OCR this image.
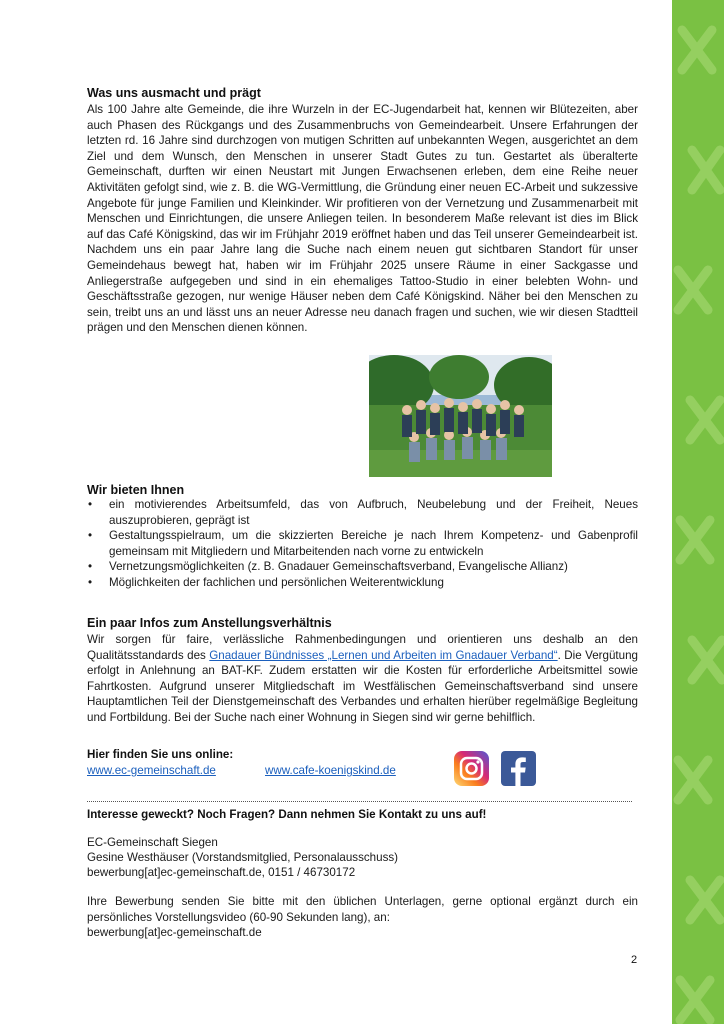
Was uns ausmacht und prägt

Als 100 Jahre alte Gemeinde, die ihre Wurzeln in der EC-Jugendarbeit hat, kennen wir Blütezeiten, aber auch Phasen des Rückgangs und des Zusammenbruchs von Gemeindearbeit. Unsere Erfahrungen der letzten rd. 16 Jahre sind durchzogen von mutigen Schritten auf unbekannten Wegen, ausgerichtet an dem Ziel und dem Wunsch, den Menschen in unserer Stadt Gutes zu tun. Gestartet als überalterte Gemeinschaft, durften wir einen Neustart mit Jungen Erwachsenen erleben, dem eine Reihe neuer Aktivitäten gefolgt sind, wie z. B. die WG-Vermittlung, die Gründung einer neuen EC-Arbeit und sukzessive Angebote für junge Familien und Kleinkinder. Wir profitieren von der Vernetzung und Zusammenarbeit mit Menschen und Einrichtungen, die unsere Anliegen teilen. In besonderem Maße relevant ist dies im Blick auf das Café Königskind, das wir im Frühjahr 2019 eröffnet haben und das Teil unserer Gemeindearbeit ist. Nachdem uns ein paar Jahre lang die Suche nach einem neuen gut sichtbaren Standort für unser Gemeindehaus bewegt hat, haben wir im Frühjahr 2025 unsere Räume in einer Sackgasse und Anliegerstraße aufgegeben und sind in ein ehemaliges Tattoo-Studio in einer belebten Wohn- und Geschäftsstraße gezogen, nur wenige Häuser neben dem Café Königskind. Näher bei den Menschen zu sein, treibt uns an und lässt uns an neuer Adresse neu danach fragen und suchen, wie wir diesen Stadtteil prägen und den Menschen dienen können.

Wir bieten Ihnen
• ein motivierendes Arbeitsumfeld, das von Aufbruch, Neubelebung und der Freiheit, Neues auszuprobieren, geprägt ist
• Gestaltungsspielraum, um die skizzierten Bereiche je nach Ihrem Kompetenz- und Gabenprofil gemeinsam mit Mitgliedern und Mitarbeitenden nach vorne zu entwickeln
• Vernetzungsmöglichkeiten (z. B. Gnadauer Gemeinschaftsverband, Evangelische Allianz)
• Möglichkeiten der fachlichen und persönlichen Weiterentwicklung
Ein paar Infos zum Anstellungsverhältnis

Wir sorgen für faire, verlässliche Rahmenbedingungen und orientieren uns deshalb an den Qualitätsstandards des Gnadauer Bündnisses „Lernen und Arbeiten im Gnadauer Verband“. Die Vergütung erfolgt in Anlehnung an BAT-KF. Zudem erstatten wir die Kosten für erforderliche Arbeitsmittel sowie Fahrtkosten. Aufgrund unserer Mitgliedschaft im Westfälischen Gemeinschaftsverband sind unsere Hauptamtlichen Teil der Dienstgemeinschaft des Verbandes und erhalten hierüber regelmäßige Begleitung und Fortbildung. Bei der Suche nach einer Wohnung in Siegen sind wir gerne behilflich.

Hier finden Sie uns online:
www.ec-gemeinschaft.de	www.cafe-koenigskind.de
Interesse geweckt? Noch Fragen? Dann nehmen Sie Kontakt zu uns auf!
EC-Gemeinschaft Siegen
Gesine Westhäuser (Vorstandsmitglied, Personalausschuss)
bewerbung[at]ec-gemeinschaft.de, 0151 / 46730172

Ihre Bewerbung senden Sie bitte mit den üblichen Unterlagen, gerne optional ergänzt durch ein persönliches Vorstellungsvideo (60-90 Sekunden lang), an:

bewerbung[at]ec-gemeinschaft.de
2
